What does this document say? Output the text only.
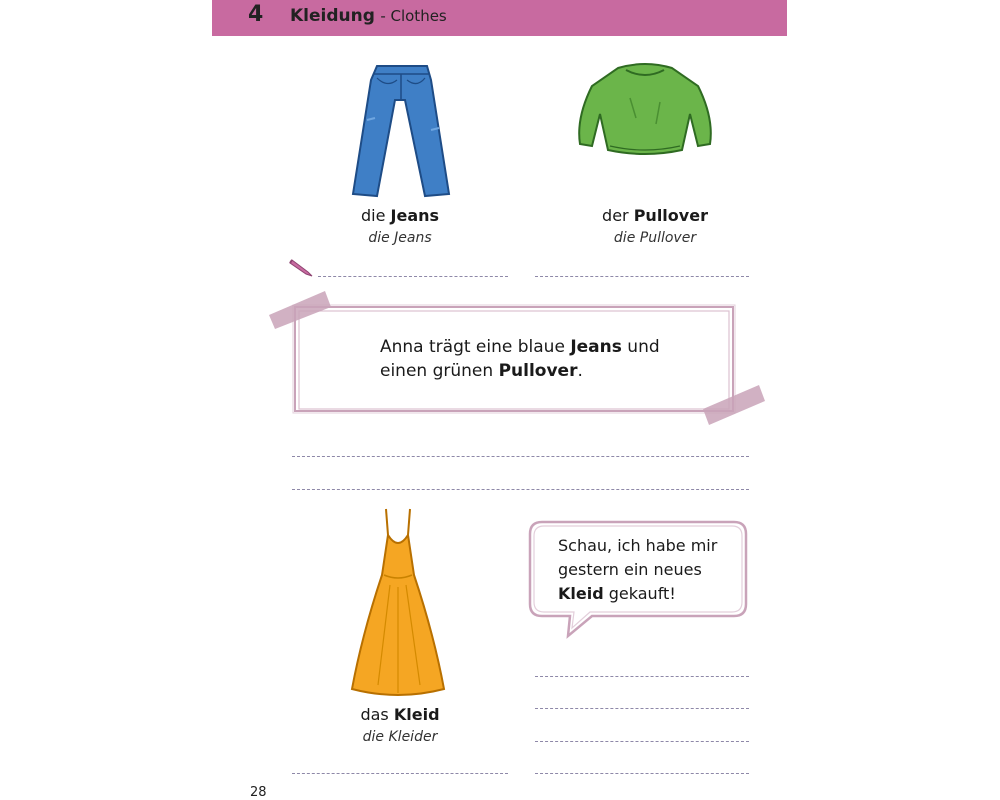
4 Kleidung - Clothes
die Jeans
die Jeans
der Pullover
die Pullover
Anna trägt eine blaue Jeans und
einen grünen Pullover.
das Kleid
die Kleider
Schau, ich habe mir
gestern ein neues
Kleid gekauft!
28
